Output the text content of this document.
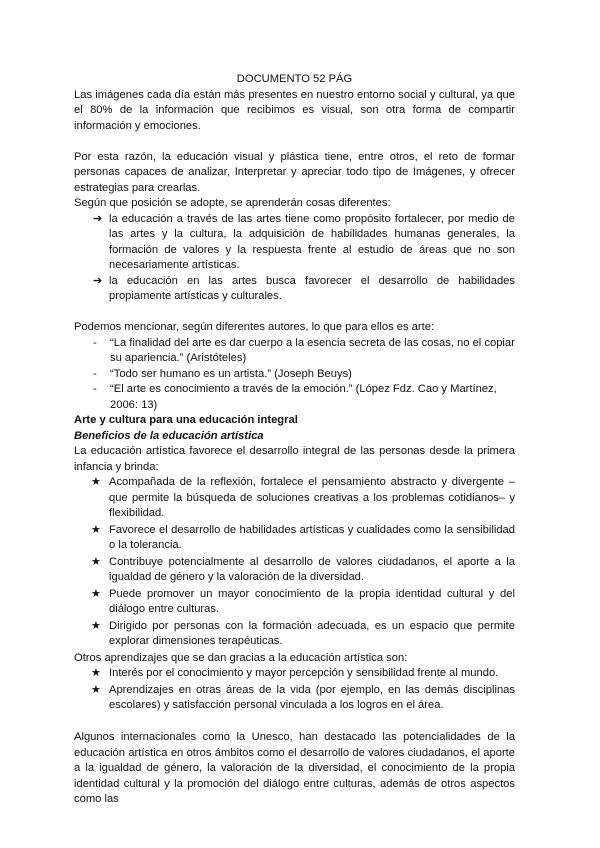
DOCUMENTO 52 PÁG

Las imágenes cada día están más presentes en nuestro entorno social y cultural, ya que el 80% de la información que recibimos es visual, son otra forma de compartir información y emociones.

Por esta razón, la educación visual y plástica tiene, entre otros, el reto de formar personas capaces de analizar, Interpretar y apreciar todo tipo de Imágenes, y ofrecer estrategias para crearlas.

Según que posición se adopte, se aprenderán cosas diferentes:

➔ la educación a través de las artes tiene como propósito fortalecer, por medio de las artes y la cultura, la adquisición de habilidades humanas generales, la formación de valores y la respuesta frente al estudio de áreas que no son necesariamente artísticas.
➔ la educación en las artes busca favorecer el desarrollo de habilidades propiamente artísticas y culturales.

Podemos mencionar, según diferentes autores, lo que para ellos es arte:

- “La finalidad del arte es dar cuerpo a la esencia secreta de las cosas, no el copiar su apariencia.” (Aristóteles)
- “Todo ser humano es un artista.” (Joseph Beuys)
- “El arte es conocimiento a través de la emoción.” (López Fdz. Cao y Martínez, 2006: 13)

Arte y cultura para una educación integral

Beneficios de la educación artística

La educación artística favorece el desarrollo integral de las personas desde la primera infancia y brinda:

★ Acompañada de la reflexión, fortalece el pensamiento abstracto y divergente –que permite la búsqueda de soluciones creativas a los problemas cotidianos– y flexibilidad.
★ Favorece el desarrollo de habilidades artísticas y cualidades como la sensibilidad o la tolerancia.
★ Contribuye potencialmente al desarrollo de valores ciudadanos, el aporte a la igualdad de género y la valoración de la diversidad.
★ Puede promover un mayor conocimiento de la propia identidad cultural y del diálogo entre culturas.
★ Dirigido por personas con la formación adecuada, es un espacio que permite explorar dimensiones terapéuticas.

Otros aprendizajes que se dan gracias a la educación artística son:

★ Interés por el conocimiento y mayor percepción y sensibilidad frente al mundo.
★ Aprendizajes en otras áreas de la vida (por ejemplo, en las demás disciplinas escolares) y satisfacción personal vinculada a los logros en el área.

Algunos internacionales como la Unesco, han destacado las potencialidades de la educación artística en otros ámbitos como el desarrollo de valores ciudadanos, el aporte a la igualdad de género, la valoración de la diversidad, el conocimiento de la propia identidad cultural y la promoción del diálogo entre culturas, además de otros aspectos como las
